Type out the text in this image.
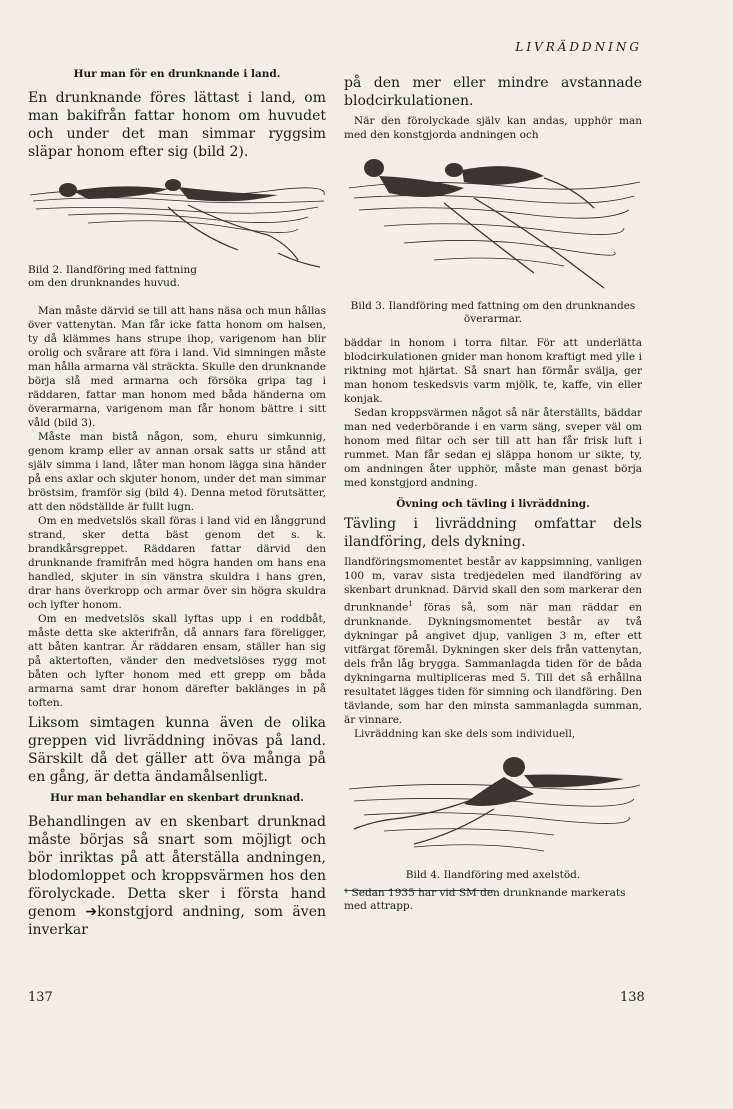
LIVRÄDDNING
Hur man för en drunknande i land.
En drunknande föres lättast i land, om man bakifrån fattar honom om huvudet och under det man simmar ryggsim släpar honom efter sig (bild 2).
Bild 2. Ilandföring med fattning om den drunknandes huvud.
Man måste därvid se till att hans näsa och mun hållas över vattenytan. Man får icke fatta honom om halsen, ty då klämmes hans strupe ihop, varigenom han blir orolig och svårare att föra i land. Vid simningen måste man hålla armarna väl sträckta. Skulle den drunknande börja slå med armarna och försöka gripa tag i räddaren, fattar man honom med båda händerna om överarmarna, varigenom man får honom bättre i sitt våld (bild 3).
Måste man bistå någon, som, ehuru simkunnig, genom kramp eller av annan orsak satts ur stånd att själv simma i land, låter man honom lägga sina händer på ens axlar och skjuter honom, under det man simmar bröstsim, framför sig (bild 4). Denna metod förutsätter, att den nödställde är fullt lugn.
Om en medvetslös skall föras i land vid en långgrund strand, sker detta bäst genom det s. k. brandkårsgreppet. Räddaren fattar därvid den drunknande framifrån med högra handen om hans ena handled, skjuter in sin vänstra skuldra i hans gren, drar hans överkropp och armar över sin högra skuldra och lyfter honom.
Om en medvetslös skall lyftas upp i en roddbåt, måste detta ske akterifrån, då annars fara föreligger, att båten kantrar. Är räddaren ensam, ställer han sig på aktertoften, vänder den medvetslöses rygg mot båten och lyfter honom med ett grepp om båda armarna samt drar honom därefter baklänges in på toften.
Liksom simtagen kunna även de olika greppen vid livräddning inövas på land. Särskilt då det gäller att öva många på en gång, är detta ändamålsenligt.
Hur man behandlar en skenbart drunknad.
Behandlingen av en skenbart drunknad måste börjas så snart som möjligt och bör inriktas på att återställa andningen, blodomloppet och kroppsvärmen hos den förolyckade. Detta sker i första hand genom ➔konstgjord andning, som även inverkar
137
på den mer eller mindre avstannade blodcirkulationen.
När den förolyckade själv kan andas, upphör man med den konstgjorda andningen och
Bild 3. Ilandföring med fattning om den drunknandes överarmar.
bäddar in honom i torra filtar. För att underlätta blodcirkulationen gnider man honom kraftigt med ylle i riktning mot hjärtat. Så snart han förmår svälja, ger man honom teskedsvis varm mjölk, te, kaffe, vin eller konjak.
Sedan kroppsvärmen något så när återställts, bäddar man ned vederbörande i en varm säng, sveper väl om honom med filtar och ser till att han får frisk luft i rummet. Man får sedan ej släppa honom ur sikte, ty, om andningen åter upphör, måste man genast börja med konstgjord andning.
Övning och tävling i livräddning.
Tävling i livräddning omfattar dels ilandföring, dels dykning.
Ilandföringsmomentet består av kappsimning, vanligen 100 m, varav sista tredjedelen med ilandföring av skenbart drunknad. Därvid skall den som markerar den drunknande$^1$ föras så, som när man räddar en drunknande. Dykningsmomentet består av två dykningar på angivet djup, vanligen 3 m, efter ett vitfärgat föremål. Dykningen sker dels från vattenytan, dels från låg brygga. Sammanlagda tiden för de båda dykningarna multipliceras med 5. Till det så erhållna resultatet lägges tiden för simning och ilandföring. Den tävlande, som har den minsta sammanlagda summan, är vinnare.
Livräddning kan ske dels som individuell,
Bild 4. Ilandföring med axelstöd.
¹ Sedan 1935 har vid SM den drunknande markerats med attrapp.
138
